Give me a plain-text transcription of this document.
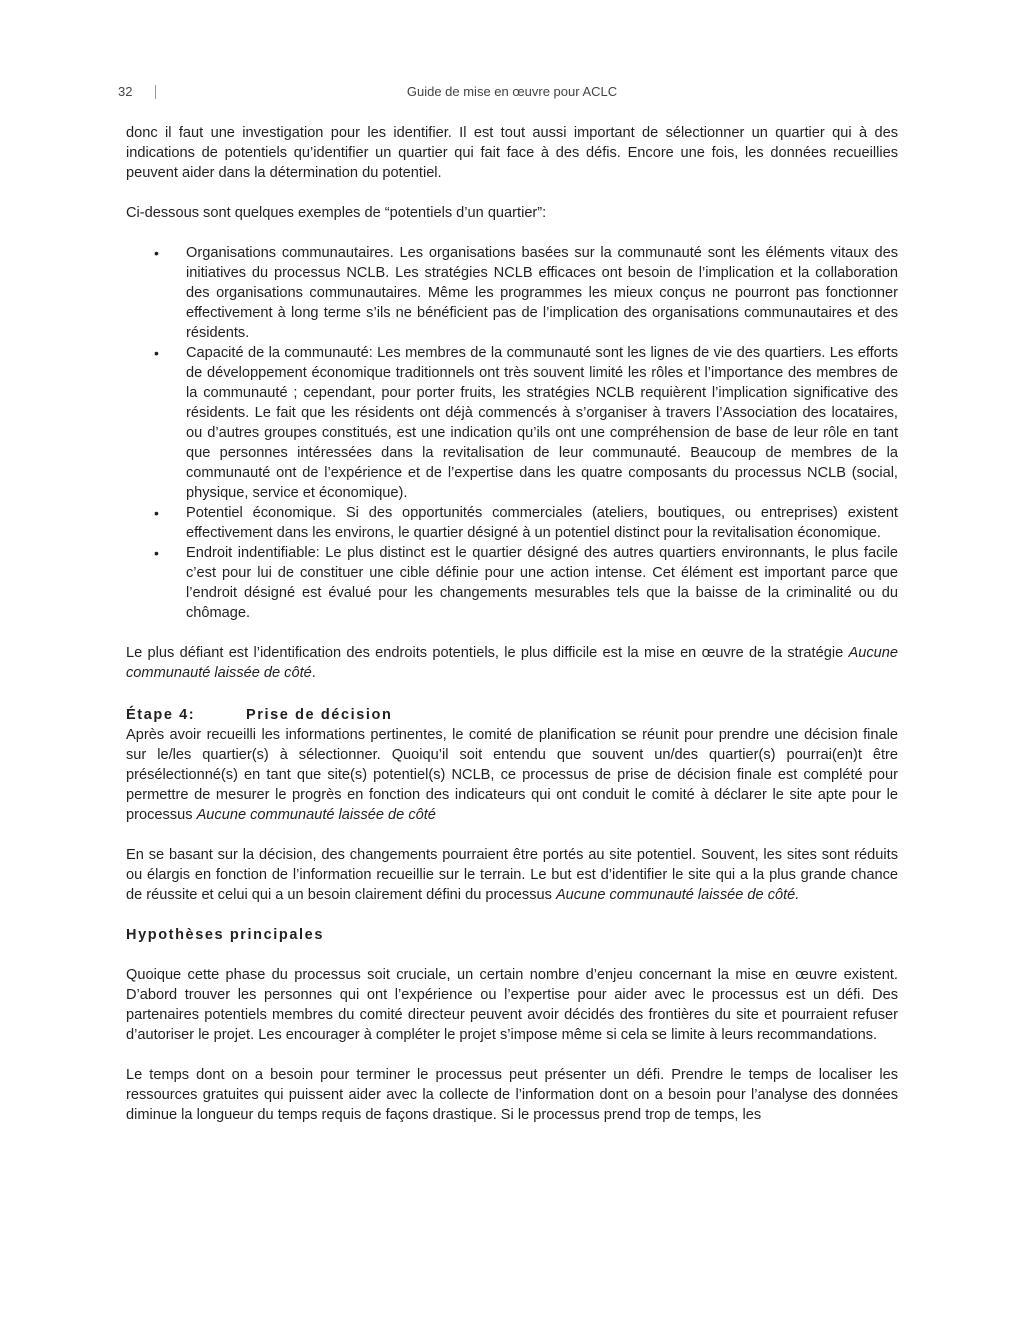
32	Guide de mise en œuvre pour ACLC

donc il faut une investigation pour les identifier. Il est tout aussi important de sélectionner un quartier qui à des indications de potentiels qu’identifier un quartier qui fait face à des défis. Encore une fois, les données recueillies peuvent aider dans la détermination du potentiel.

Ci-dessous sont quelques exemples de “potentiels d’un quartier”:

• Organisations communautaires. Les organisations basées sur la communauté sont les éléments vitaux des initiatives du processus NCLB. Les stratégies NCLB efficaces ont besoin de l’implication et la collaboration des organisations communautaires. Même les programmes les mieux conçus ne pourront pas fonctionner effectivement à long terme s’ils ne bénéficient pas de l’implication des organisations communautaires et des résidents.
• Capacité de la communauté: Les membres de la communauté sont les lignes de vie des quartiers. Les efforts de développement économique traditionnels ont très souvent limité les rôles et l’importance des membres de la communauté ; cependant, pour porter fruits, les stratégies NCLB requièrent l’implication significative des résidents. Le fait que les résidents ont déjà commencés à s’organiser à travers l’Association des locataires, ou d’autres groupes constitués, est une indication qu’ils ont une compréhension de base de leur rôle en tant que personnes intéressées dans la revitalisation de leur communauté. Beaucoup de membres de la communauté ont de l’expérience et de l’expertise dans les quatre composants du processus NCLB (social, physique, service et économique).
• Potentiel économique. Si des opportunités commerciales (ateliers, boutiques, ou entreprises) existent effectivement dans les environs, le quartier désigné à un potentiel distinct pour la revitalisation économique.
• Endroit indentifiable: Le plus distinct est le quartier désigné des autres quartiers environnants, le plus facile c’est pour lui de constituer une cible définie pour une action intense. Cet élément est important parce que l’endroit désigné est évalué pour les changements mesurables tels que la baisse de la criminalité ou du chômage.

Le plus défiant est l’identification des endroits potentiels, le plus difficile est la mise en œuvre de la stratégie Aucune communauté laissée de côté.

Étape 4:	Prise de décision

Après avoir recueilli les informations pertinentes, le comité de planification se réunit pour prendre une décision finale sur le/les quartier(s) à sélectionner. Quoiqu’il soit entendu que souvent un/des quartier(s) pourrai(en)t être présélectionné(s) en tant que site(s) potentiel(s) NCLB, ce processus de prise de décision finale est complété pour permettre de mesurer le progrès en fonction des indicateurs qui ont conduit le comité à déclarer le site apte pour le processus Aucune communauté laissée de côté

En se basant sur la décision, des changements pourraient être portés au site potentiel. Souvent, les sites sont réduits ou élargis en fonction de l’information recueillie sur le terrain. Le but est d’identifier le site qui a la plus grande chance de réussite et celui qui a un besoin clairement défini du processus Aucune communauté laissée de côté.

Hypothèses principales

Quoique cette phase du processus soit cruciale, un certain nombre d’enjeu concernant la mise en œuvre existent. D’abord trouver les personnes qui ont l’expérience ou l’expertise pour aider avec le processus est un défi. Des partenaires potentiels membres du comité directeur peuvent avoir décidés des frontières du site et pourraient refuser d’autoriser le projet. Les encourager à compléter le projet s’impose même si cela se limite à leurs recommandations.

Le temps dont on a besoin pour terminer le processus peut présenter un défi. Prendre le temps de localiser les ressources gratuites qui puissent aider avec la collecte de l’information dont on a besoin pour l’analyse des données diminue la longueur du temps requis de façons drastique. Si le processus prend trop de temps, les
